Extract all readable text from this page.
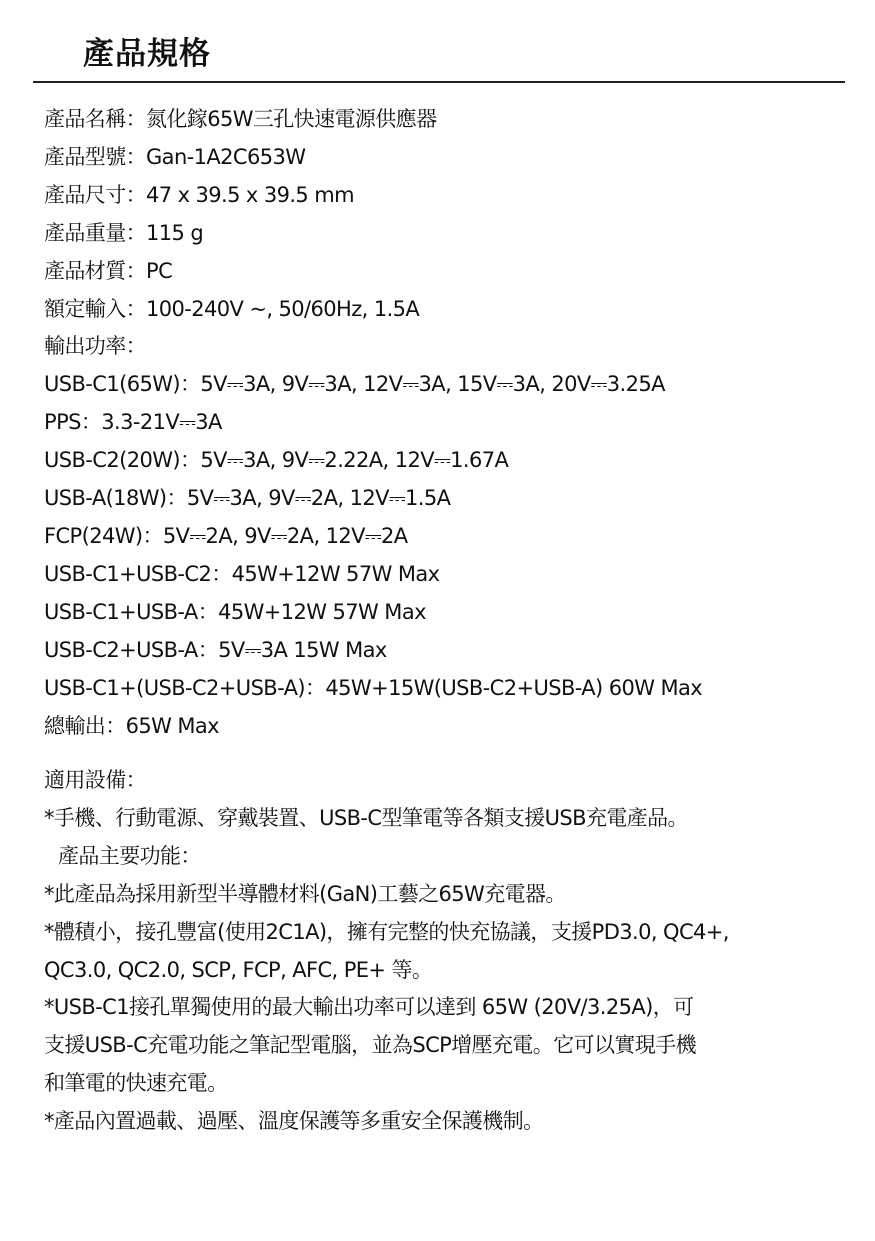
產品規格
產品名稱：氮化鎵65W三孔快速電源供應器
產品型號：Gan-1A2C653W
產品尺寸：47 x 39.5 x 39.5 mm
產品重量：115 g
產品材質：PC
額定輸入：100-240V ~, 50/60Hz, 1.5A
輸出功率：
USB-C1(65W)：5V⎓3A, 9V⎓3A, 12V⎓3A, 15V⎓3A, 20V⎓3.25A
PPS：3.3-21V⎓3A
USB-C2(20W)：5V⎓3A, 9V⎓2.22A, 12V⎓1.67A
USB-A(18W)：5V⎓3A, 9V⎓2A, 12V⎓1.5A
FCP(24W)：5V⎓2A, 9V⎓2A, 12V⎓2A
USB-C1+USB-C2：45W+12W 57W Max
USB-C1+USB-A：45W+12W 57W Max
USB-C2+USB-A：5V⎓3A 15W Max
USB-C1+(USB-C2+USB-A)：45W+15W(USB-C2+USB-A) 60W Max
總輸出：65W Max
適用設備：
*手機、行動電源、穿戴裝置、USB-C型筆電等各類支援USB充電產品。
產品主要功能：
*此產品為採用新型半導體材料(GaN)工藝之65W充電器。
*體積小，接孔豐富(使用2C1A)，擁有完整的快充協議，支援PD3.0, QC4+,
QC3.0, QC2.0, SCP, FCP, AFC, PE+ 等。
*USB-C1接孔單獨使用的最大輸出功率可以達到 65W (20V/3.25A)，可
支援USB-C充電功能之筆記型電腦，並為SCP增壓充電。它可以實現手機
和筆電的快速充電。
*產品內置過載、過壓、溫度保護等多重安全保護機制。
